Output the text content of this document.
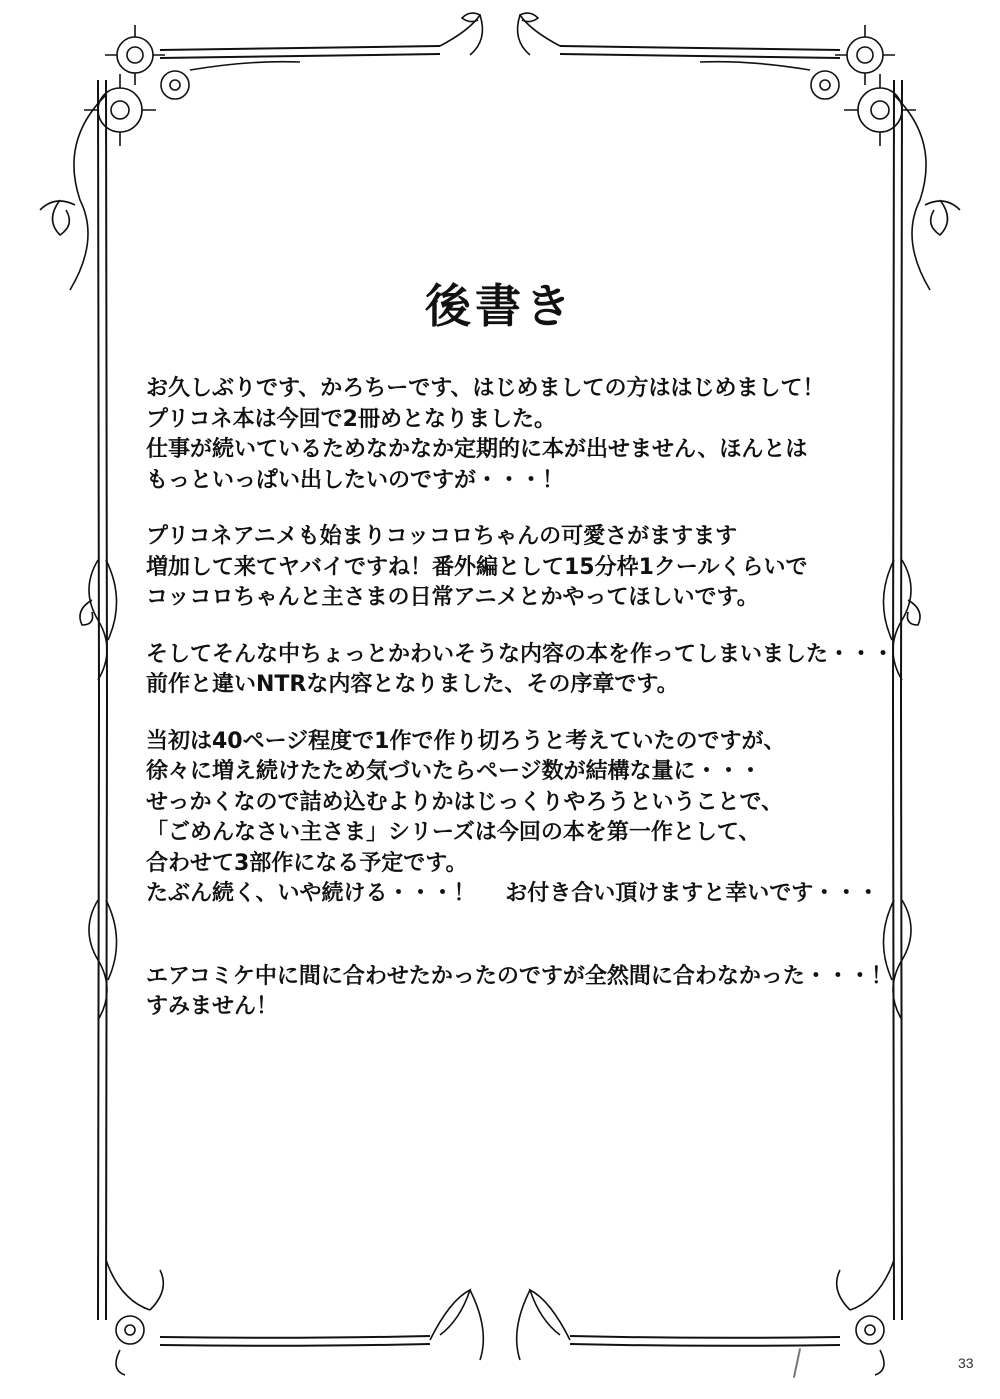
後書き
お久しぶりです、かろちーです、はじめましての方ははじめまして！
プリコネ本は今回で2冊めとなりました。
仕事が続いているためなかなか定期的に本が出せません、ほんとは
もっといっぱい出したいのですが・・・！
プリコネアニメも始まりコッコロちゃんの可愛さがますます
増加して来てヤバイですね！番外編として15分枠1クールくらいで
コッコロちゃんと主さまの日常アニメとかやってほしいです。
そしてそんな中ちょっとかわいそうな内容の本を作ってしまいました・・・
前作と違いNTRな内容となりました、その序章です。
当初は40ページ程度で1作で作り切ろうと考えていたのですが、
徐々に増え続けたため気づいたらページ数が結構な量に・・・
せっかくなので詰め込むよりかはじっくりやろうということで、
「ごめんなさい主さま」シリーズは今回の本を第一作として、
合わせて3部作になる予定です。
たぶん続く、いや続ける・・・！　 お付き合い頂けますと幸いです・・・
エアコミケ中に間に合わせたかったのですが全然間に合わなかった・・・！
すみません！
33
